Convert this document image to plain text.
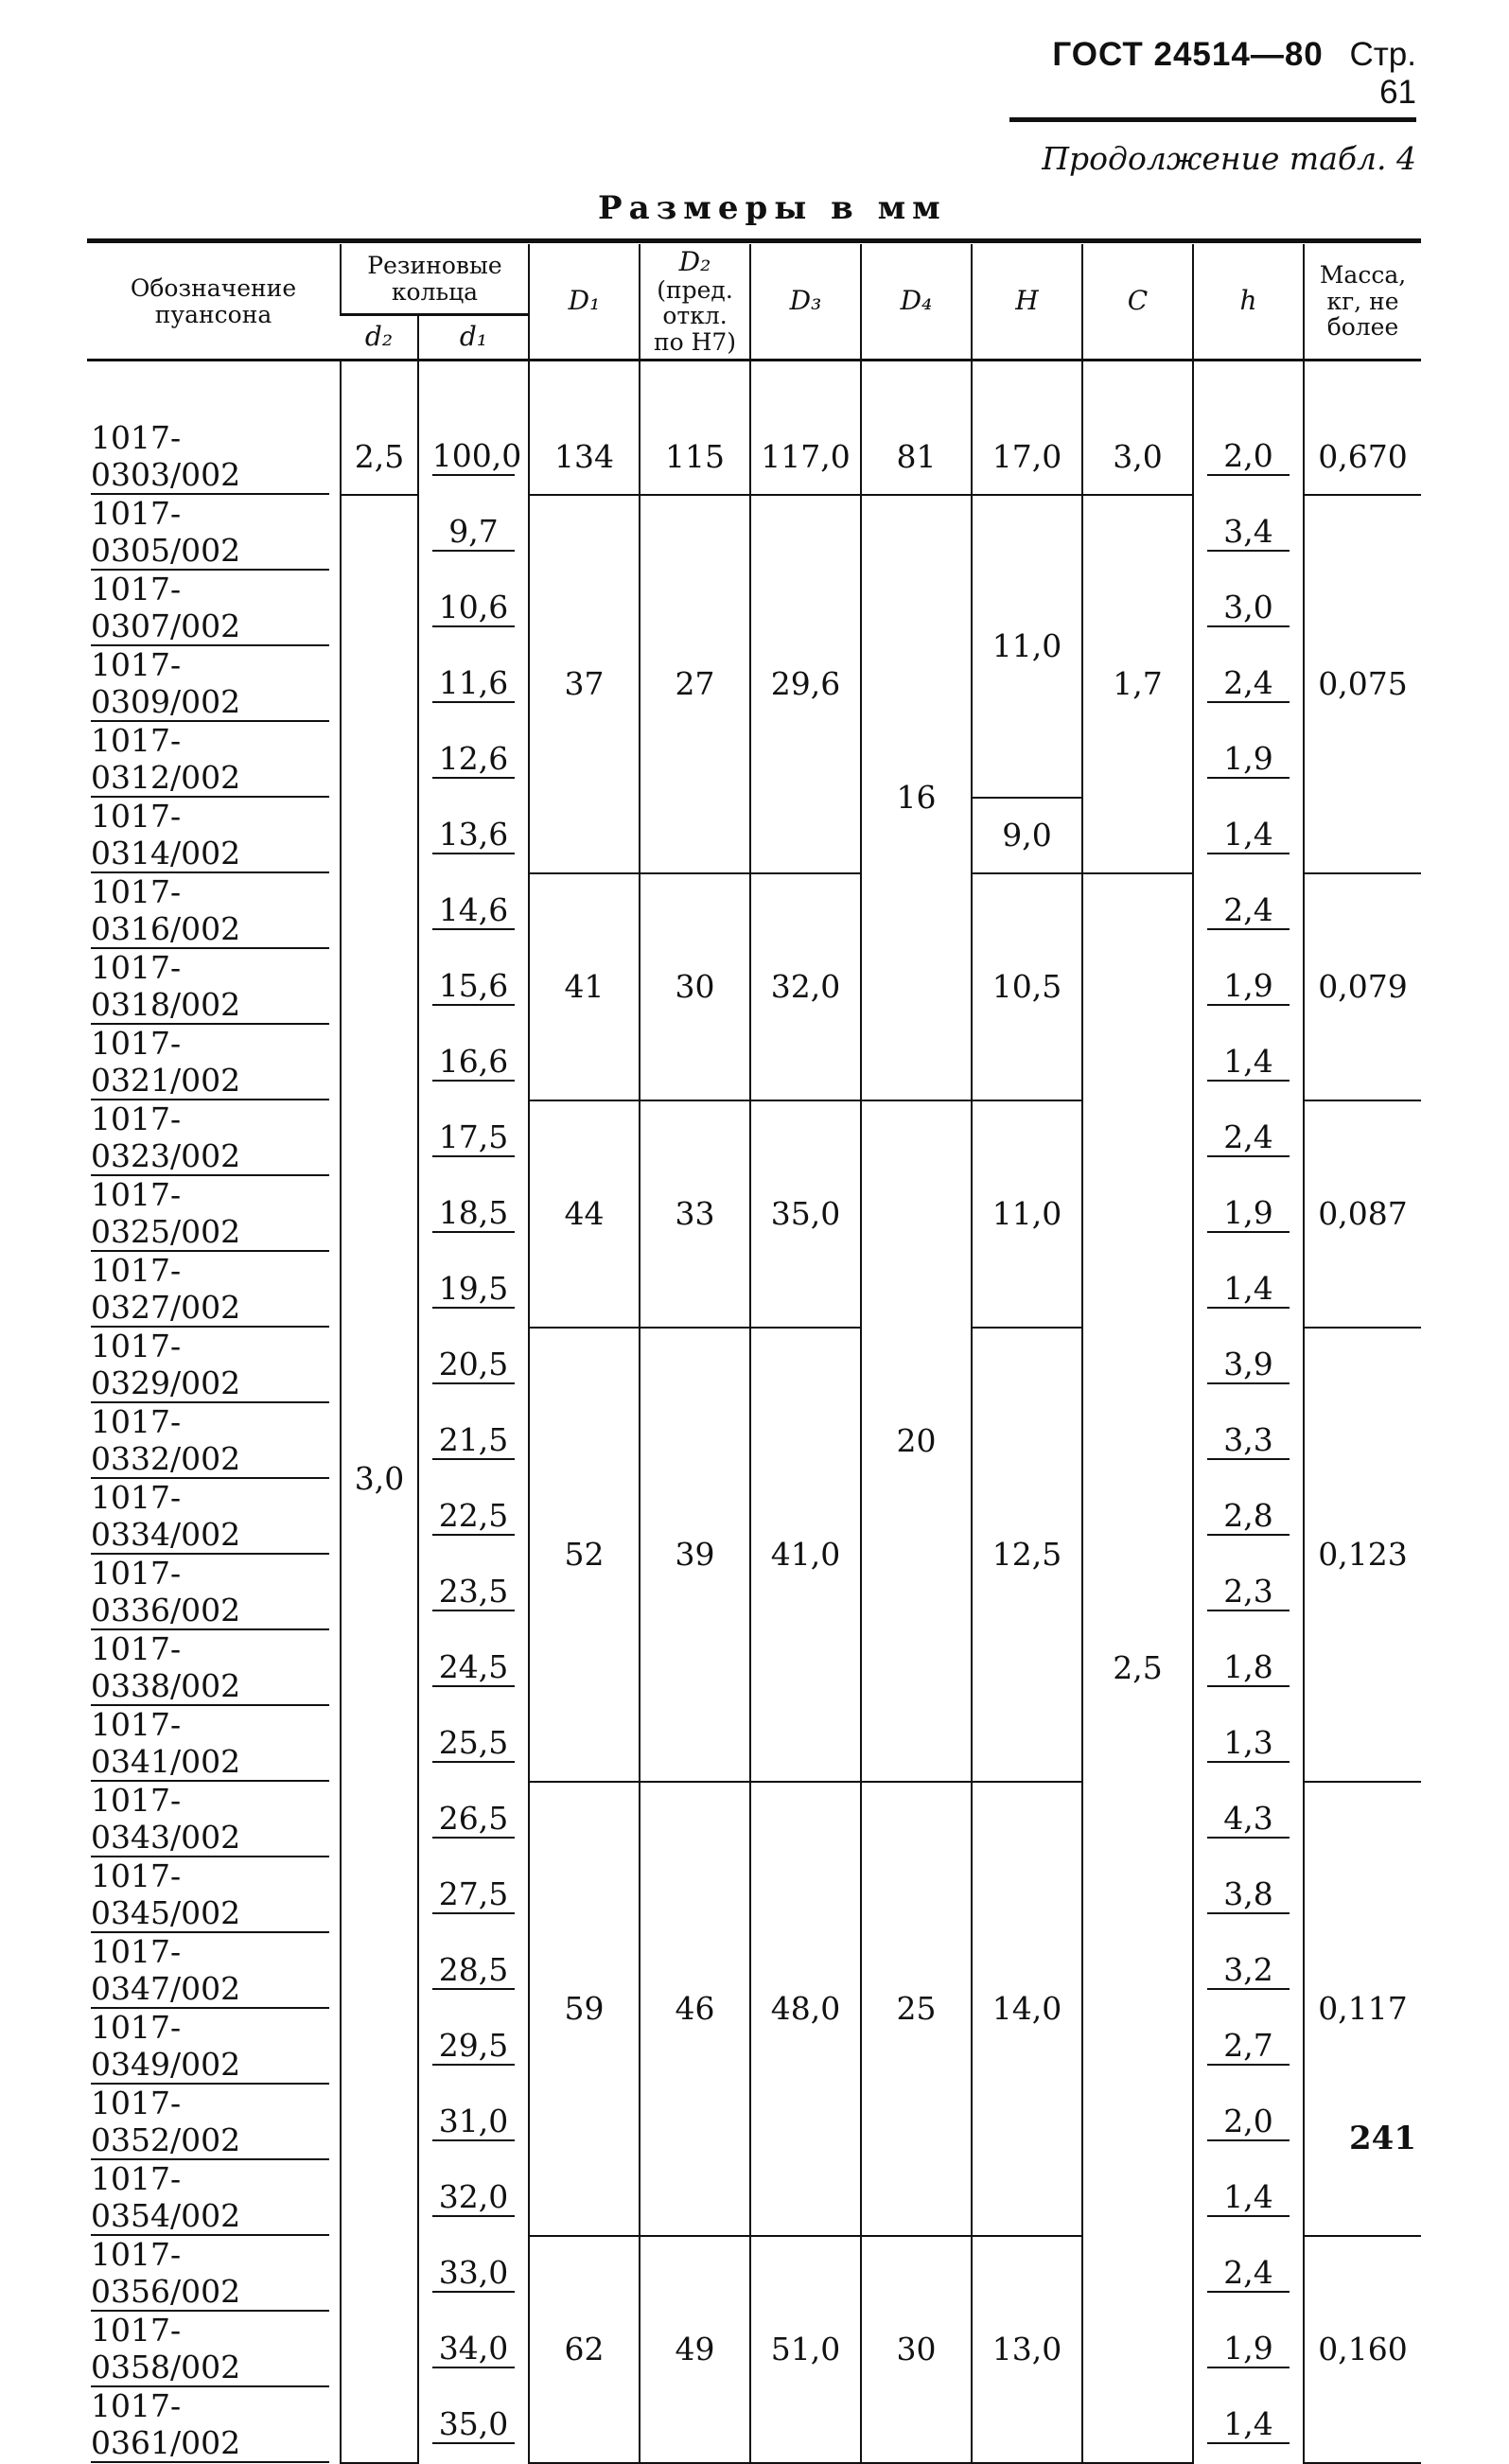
ГОСТ 24514—80 Стр. 61
Продолжение табл. 4
Размеры в мм
Обозначение пуансона	Резиновые кольца		D₁	D₂
(пред. откл. по Н7)	D₃	D₄	H	C	h	Масса, кг, не более
	d₂	d₁								

1017-0303/002	2,5	100,0	134	115	117,0	81	17,0	3,0	2,0	0,670
1017-0305/002	3,0	9,7	37	27	29,6	16	11,0	1,7	3,4	0,075
1017-0307/002		10,6							3,0	
1017-0309/002		11,6							2,4	
1017-0312/002		12,6							1,9	
1017-0314/002		13,6					9,0		1,4	
1017-0316/002		14,6	41	30	32,0		10,5	2,5	2,4	0,079
1017-0318/002		15,6							1,9	
1017-0321/002		16,6							1,4	
1017-0323/002		17,5	44	33	35,0	20	11,0		2,4	0,087
1017-0325/002		18,5							1,9	
1017-0327/002		19,5							1,4	
1017-0329/002		20,5	52	39	41,0		12,5		3,9	0,123
1017-0332/002		21,5							3,3	
1017-0334/002		22,5							2,8	
1017-0336/002		23,5							2,3	
1017-0338/002		24,5							1,8	
1017-0341/002		25,5							1,3	
1017-0343/002		26,5	59	46	48,0	25	14,0		4,3	0,117
1017-0345/002		27,5							3,8	
1017-0347/002		28,5							3,2	
1017-0349/002		29,5							2,7	
1017-0352/002		31,0							2,0	
1017-0354/002		32,0							1,4	
1017-0356/002		33,0	62	49	51,0	30	13,0		2,4	0,160
1017-0358/002		34,0							1,9	
1017-0361/002		35,0							1,4	
241
